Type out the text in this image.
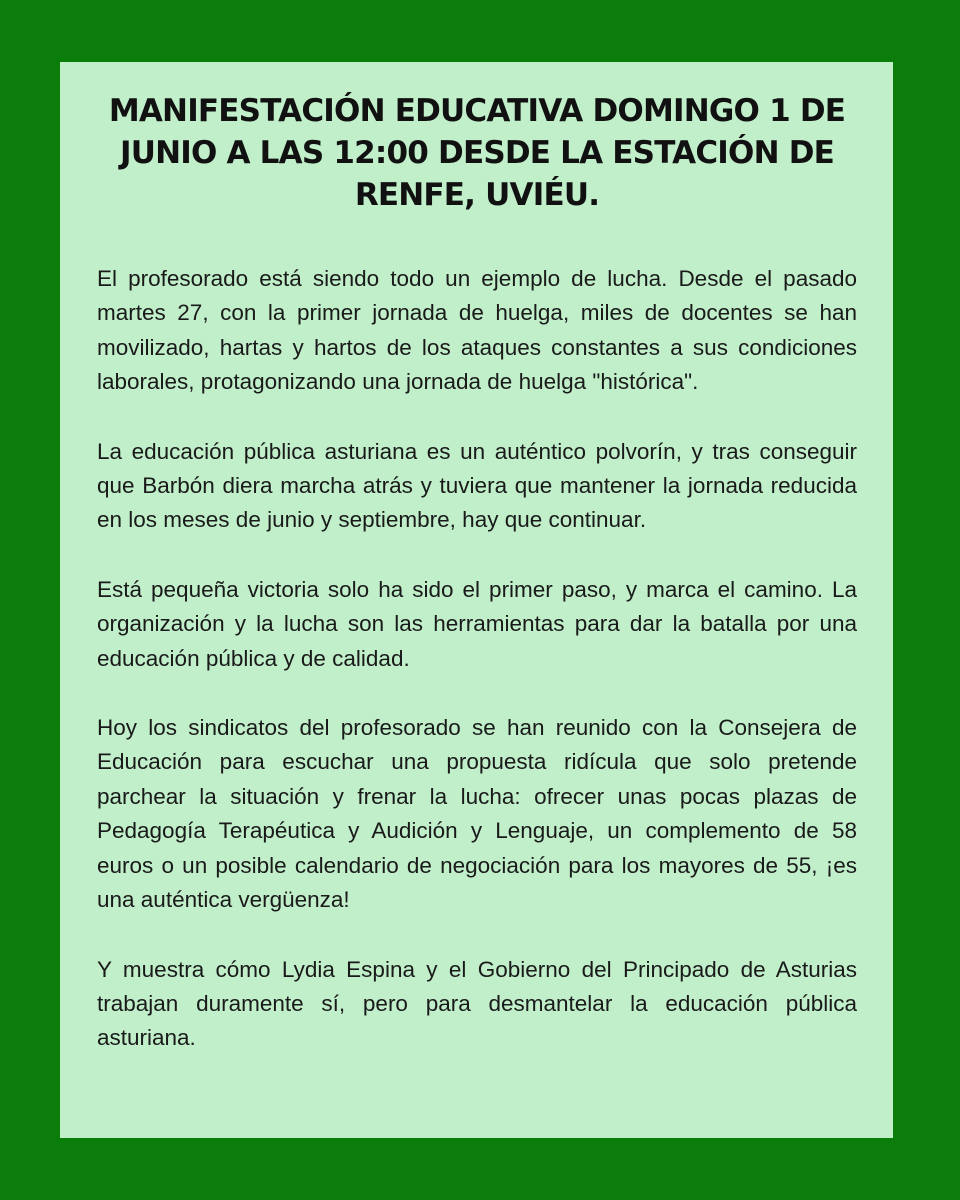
MANIFESTACIÓN EDUCATIVA DOMINGO 1 DE JUNIO A LAS 12:00 DESDE LA ESTACIÓN DE RENFE, UVIÉU.

El profesorado está siendo todo un ejemplo de lucha. Desde el pasado martes 27, con la primer jornada de huelga, miles de docentes se han movilizado, hartas y hartos de los ataques constantes a sus condiciones laborales, protagonizando una jornada de huelga "histórica".

La educación pública asturiana es un auténtico polvorín, y tras conseguir que Barbón diera marcha atrás y tuviera que mantener la jornada reducida en los meses de junio y septiembre, hay que continuar.

Está pequeña victoria solo ha sido el primer paso, y marca el camino. La organización y la lucha son las herramientas para dar la batalla por una educación pública y de calidad.

Hoy los sindicatos del profesorado se han reunido con la Consejera de Educación para escuchar una propuesta ridícula que solo pretende parchear la situación y frenar la lucha: ofrecer unas pocas plazas de Pedagogía Terapéutica y Audición y Lenguaje, un complemento de 58 euros o un posible calendario de negociación para los mayores de 55, ¡es una auténtica vergüenza!

Y muestra cómo Lydia Espina y el Gobierno del Principado de Asturias trabajan duramente sí, pero para desmantelar la educación pública asturiana.
